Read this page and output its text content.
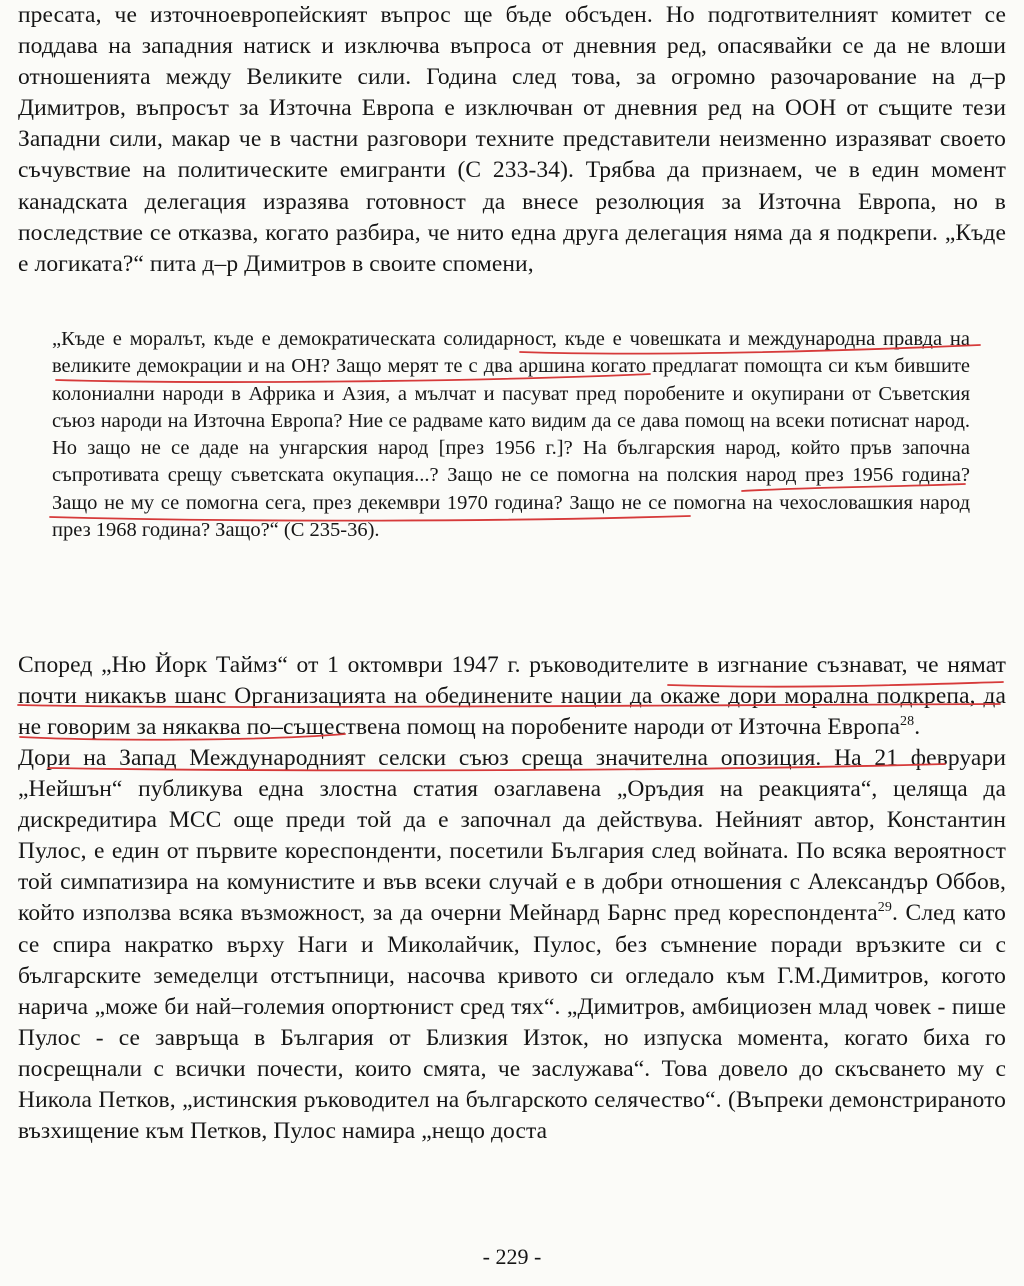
пресата, че източноевропейският въпрос ще бъде обсъден. Но подготвителният комитет се поддава на западния натиск и изключва въпроса от дневния ред, опасявайки се да не влоши отношенията между Великите сили. Година след това, за огромно разочарование на д–р Димитров, въпросът за Източна Европа е изключван от дневния ред на ООН от същите тези Западни сили, макар че в частни разговори техните представители неизменно изразяват своето съчувствие на политическите емигранти (С 233-34). Трябва да признаем, че в един момент канадската делегация изразява готовност да внесе резолюция за Източна Европа, но в последствие се отказва, когато разбира, че нито една друга делегация няма да я подкрепи. „Къде е логиката?“ пита д–р Димитров в своите спомени,

„Къде е моралът, къде е демократическата солидарност, къде е човешката и международна правда на великите демокрации и на ОН? Защо мерят те с два аршина когато предлагат помощта си към бившите колониални народи в Африка и Азия, а мълчат и пасуват пред поробените и окупирани от Съветския съюз народи на Източна Европа? Ние се радваме като видим да се дава помощ на всеки потиснат народ. Но защо не се даде на унгарския народ [през 1956 г.]? На българския народ, който пръв започна съпротивата срещу съветската окупация...? Защо не се помогна на полския народ през 1956 година? Защо не му се помогна сега, през декември 1970 година? Защо не се помогна на чехословашкия народ през 1968 година? Защо?“ (С 235-36).

Според „Ню Йорк Таймз“ от 1 октомври 1947 г. ръководителите в изгнание съзнават, че нямат почти никакъв шанс Организацията на обединените нации да окаже дори морална подкрепа, да не говорим за някаква по–съществена помощ на поробените народи от Източна Европа$^{28}$.

Дори на Запад Международният селски съюз среща значителна опозиция. На 21 февруари „Нейшън“ публикува една злостна статия озаглавена „Оръдия на реакцията“, целяща да дискредитира МСС още преди той да е започнал да действува. Нейният автор, Константин Пулос, е един от първите кореспонденти, посетили България след войната. По всяка вероятност той симпатизира на комунистите и във всеки случай е в добри отношения с Александър Оббов, който използва всяка възможност, за да очерни Мейнард Барнс пред кореспондента$^{29}$. След като се спира накратко върху Наги и Миколайчик, Пулос, без съмнение поради връзките си с българските земеделци отстъпници, насочва кривото си огледало към Г.М.Димитров, когото нарича „може би най–големия опортюнист сред тях“. „Димитров, амбициозен млад човек - пише Пулос - се завръща в България от Близкия Изток, но изпуска момента, когато биха го посрещнали с всички почести, които смята, че заслужава“. Това довело до скъсването му с Никола Петков, „истинския ръководител на българското селячество“. (Въпреки демонстрираното възхищение към Петков, Пулос намира „нещо доста

- 229 -
